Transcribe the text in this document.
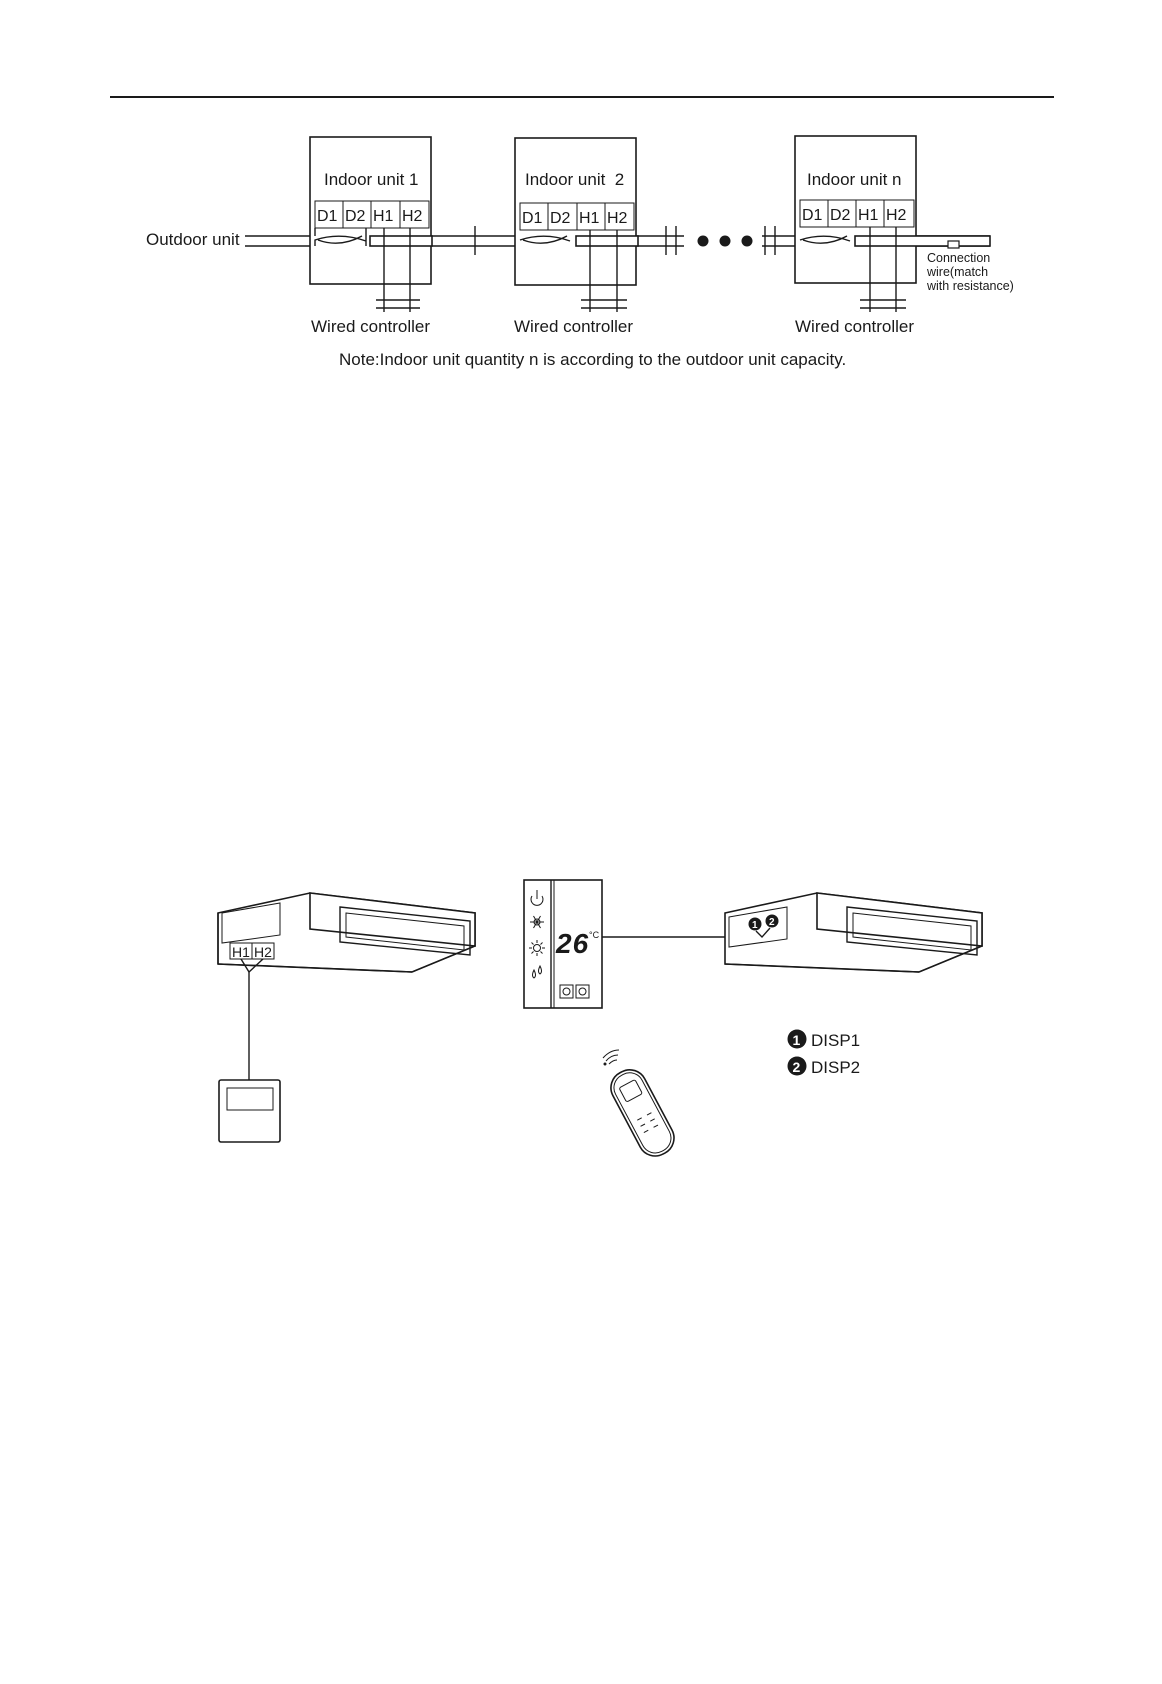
Outdoor unit
Indoor unit 1
D1 D2 H1 H2
Wired controller
Indoor unit  2
D1 D2 H1 H2
Wired controller
Indoor unit n
D1 D2 H1 H2
Wired controller
Connection
wire(match
with resistance)
Note:Indoor unit quantity n is according to the outdoor unit capacity.
H1 H2	26 °C
1 2
1 DISP1
2 DISP2
